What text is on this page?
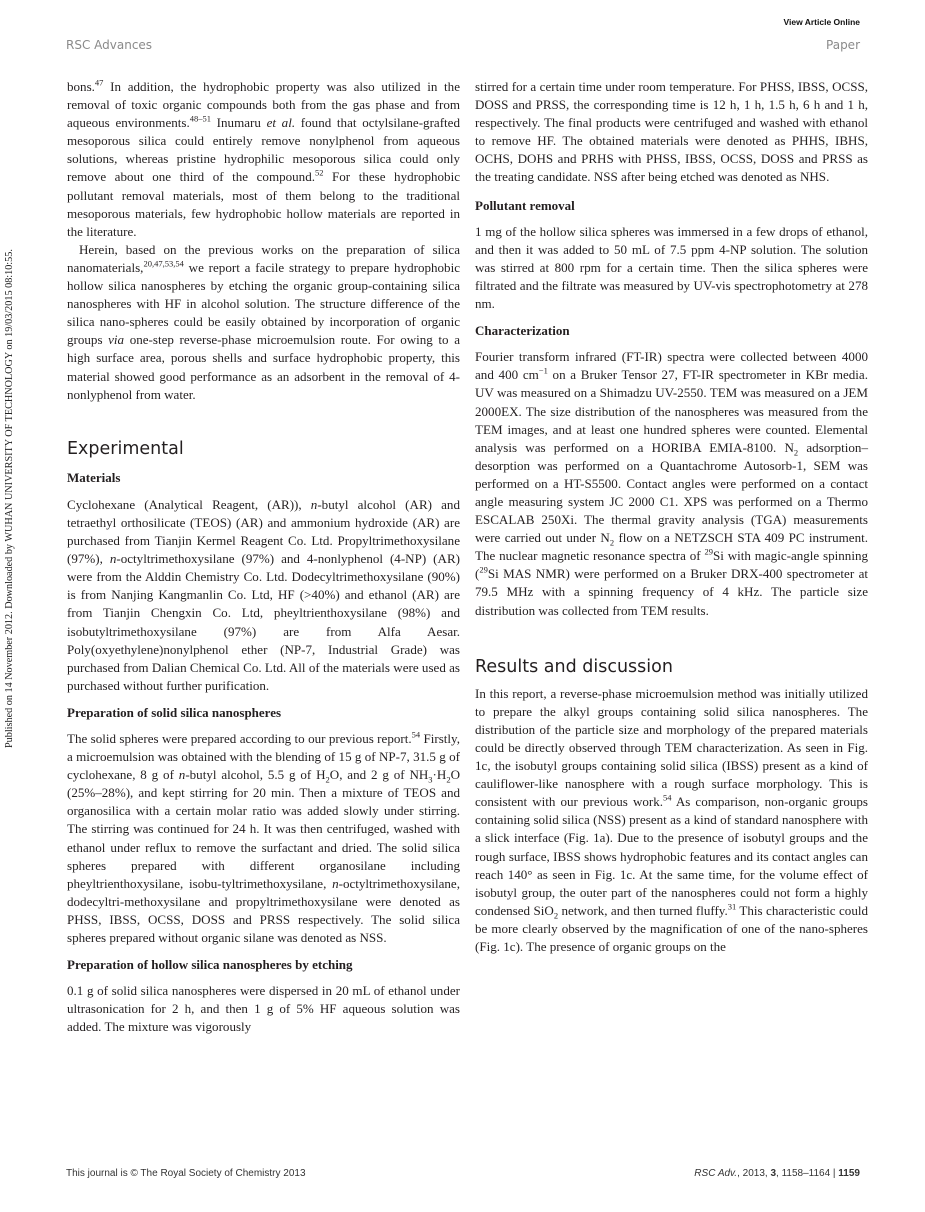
Published on 14 November 2012. Downloaded by WUHAN UNIVERSITY OF TECHNOLOGY on 19/03/2015 08:10:55.
View Article Online
RSC Advances	Paper

bons.$^{47}$ In addition, the hydrophobic property was also utilized in the removal of toxic organic compounds both from the gas phase and from aqueous environments.$^{48-51}$ Inumaru et al. found that octylsilane-grafted mesoporous silica could entirely remove nonylphenol from aqueous solutions, whereas pristine hydrophilic mesoporous silica could only remove about one third of the compound.$^{52}$ For these hydrophobic pollutant removal materials, most of them belong to the traditional mesoporous materials, few hydrophobic hollow materials are reported in the literature.

Herein, based on the previous works on the preparation of silica nanomaterials,$^{20,47,53,54}$ we report a facile strategy to prepare hydrophobic hollow silica nanospheres by etching the organic group-containing silica nanospheres with HF in alcohol solution. The structure difference of the silica nano-spheres could be easily obtained by incorporation of organic groups via one-step reverse-phase microemulsion route. For owing to a high surface area, porous shells and surface hydrophobic property, this material showed good performance as an adsorbent in the removal of 4-nonlyphenol from water.

Experimental
Materials

Cyclohexane (Analytical Reagent, (AR)), n-butyl alcohol (AR) and tetraethyl orthosilicate (TEOS) (AR) and ammonium hydroxide (AR) are purchased from Tianjin Kermel Reagent Co. Ltd. Propyltrimethoxysilane (97%), n-octyltrimethoxysilane (97%) and 4-nonlyphenol (4-NP) (AR) were from the Alddin Chemistry Co. Ltd. Dodecyltrimethoxysilane (90%) is from Nanjing Kangmanlin Co. Ltd, HF (>40%) and ethanol (AR) are from Tianjin Chengxin Co. Ltd, pheyltrienthoxysilane (98%) and isobutyltrimethoxysilane (97%) are from Alfa Aesar. Poly(oxyethylene)nonylphenol ether (NP-7, Industrial Grade) was purchased from Dalian Chemical Co. Ltd. All of the materials were used as purchased without further purification.

Preparation of solid silica nanospheres

The solid spheres were prepared according to our previous report.$^{54}$ Firstly, a microemulsion was obtained with the blending of 15 g of NP-7, 31.5 g of cyclohexane, 8 g of n-butyl alcohol, 5.5 g of $H_2O$, and 2 g of $NH_3\cdot H_2O$ (25%–28%), and kept stirring for 20 min. Then a mixture of TEOS and organosilica with a certain molar ratio was added slowly under stirring. The stirring was continued for 24 h. It was then centrifuged, washed with ethanol under reflux to remove the surfactant and dried. The solid silica spheres prepared with different organosilane including pheyltrienthoxysilane, isobu-tyltrimethoxysilane, n-octyltrimethoxysilane, dodecyltri-methoxysilane and propyltrimethoxysilane were denoted as PHSS, IBSS, OCSS, DOSS and PRSS respectively. The solid silica spheres prepared without organic silane was denoted as NSS.

Preparation of hollow silica nanospheres by etching

0.1 g of solid silica nanospheres were dispersed in 20 mL of ethanol under ultrasonication for 2 h, and then 1 g of 5% HF aqueous solution was added. The mixture was vigorously

stirred for a certain time under room temperature. For PHSS, IBSS, OCSS, DOSS and PRSS, the corresponding time is 12 h, 1 h, 1.5 h, 6 h and 1 h, respectively. The final products were centrifuged and washed with ethanol to remove HF. The obtained materials were denoted as PHHS, IBHS, OCHS, DOHS and PRHS with PHSS, IBSS, OCSS, DOSS and PRSS as the treating candidate. NSS after being etched was denoted as NHS.

Pollutant removal

1 mg of the hollow silica spheres was immersed in a few drops of ethanol, and then it was added to 50 mL of 7.5 ppm 4-NP solution. The solution was stirred at 800 rpm for a certain time. Then the silica spheres were filtrated and the filtrate was measured by UV-vis spectrophotometry at 278 nm.

Characterization

Fourier transform infrared (FT-IR) spectra were collected between 4000 and 400 $cm^{-1}$ on a Bruker Tensor 27, FT-IR spectrometer in KBr media. UV was measured on a Shimadzu UV-2550. TEM was measured on a JEM 2000EX. The size distribution of the nanospheres was measured from the TEM images, and at least one hundred spheres were counted. Elemental analysis was performed on a HORIBA EMIA-8100. $N_2$ adsorption–desorption was performed on a Quantachrome Autosorb-1, SEM was performed on a HT-S5500. Contact angles were performed on a contact angle measuring system JC 2000 C1. XPS was performed on a Thermo ESCALAB 250Xi. The thermal gravity analysis (TGA) measurements were carried out under $N_2$ flow on a NETZSCH STA 409 PC instrument. The nuclear magnetic resonance spectra of $^{29}$Si with magic-angle spinning ($^{29}$Si MAS NMR) were performed on a Bruker DRX-400 spectrometer at 79.5 MHz with a spinning frequency of 4 kHz. The particle size distribution was collected from TEM results.

Results and discussion

In this report, a reverse-phase microemulsion method was initially utilized to prepare the alkyl groups containing solid silica nanospheres. The distribution of the particle size and morphology of the prepared materials could be directly observed through TEM characterization. As seen in Fig. 1c, the isobutyl groups containing solid silica (IBSS) present as a kind of cauliflower-like nanosphere with a rough surface morphology. This is consistent with our previous work.$^{54}$ As comparison, non-organic groups containing solid silica (NSS) present as a kind of standard nanosphere with a slick interface (Fig. 1a). Due to the presence of isobutyl groups and the rough surface, IBSS shows hydrophobic features and its contact angles can reach 140° as seen in Fig. 1c. At the same time, for the volume effect of isobutyl group, the outer part of the nanospheres could not form a highly condensed SiO$_2$ network, and then turned fluffy.$^{31}$ This characteristic could be more clearly observed by the magnification of one of the nano-spheres (Fig. 1c). The presence of organic groups on the

This journal is © The Royal Society of Chemistry 2013	RSC Adv., 2013, 3, 1158–1164 | 1159
